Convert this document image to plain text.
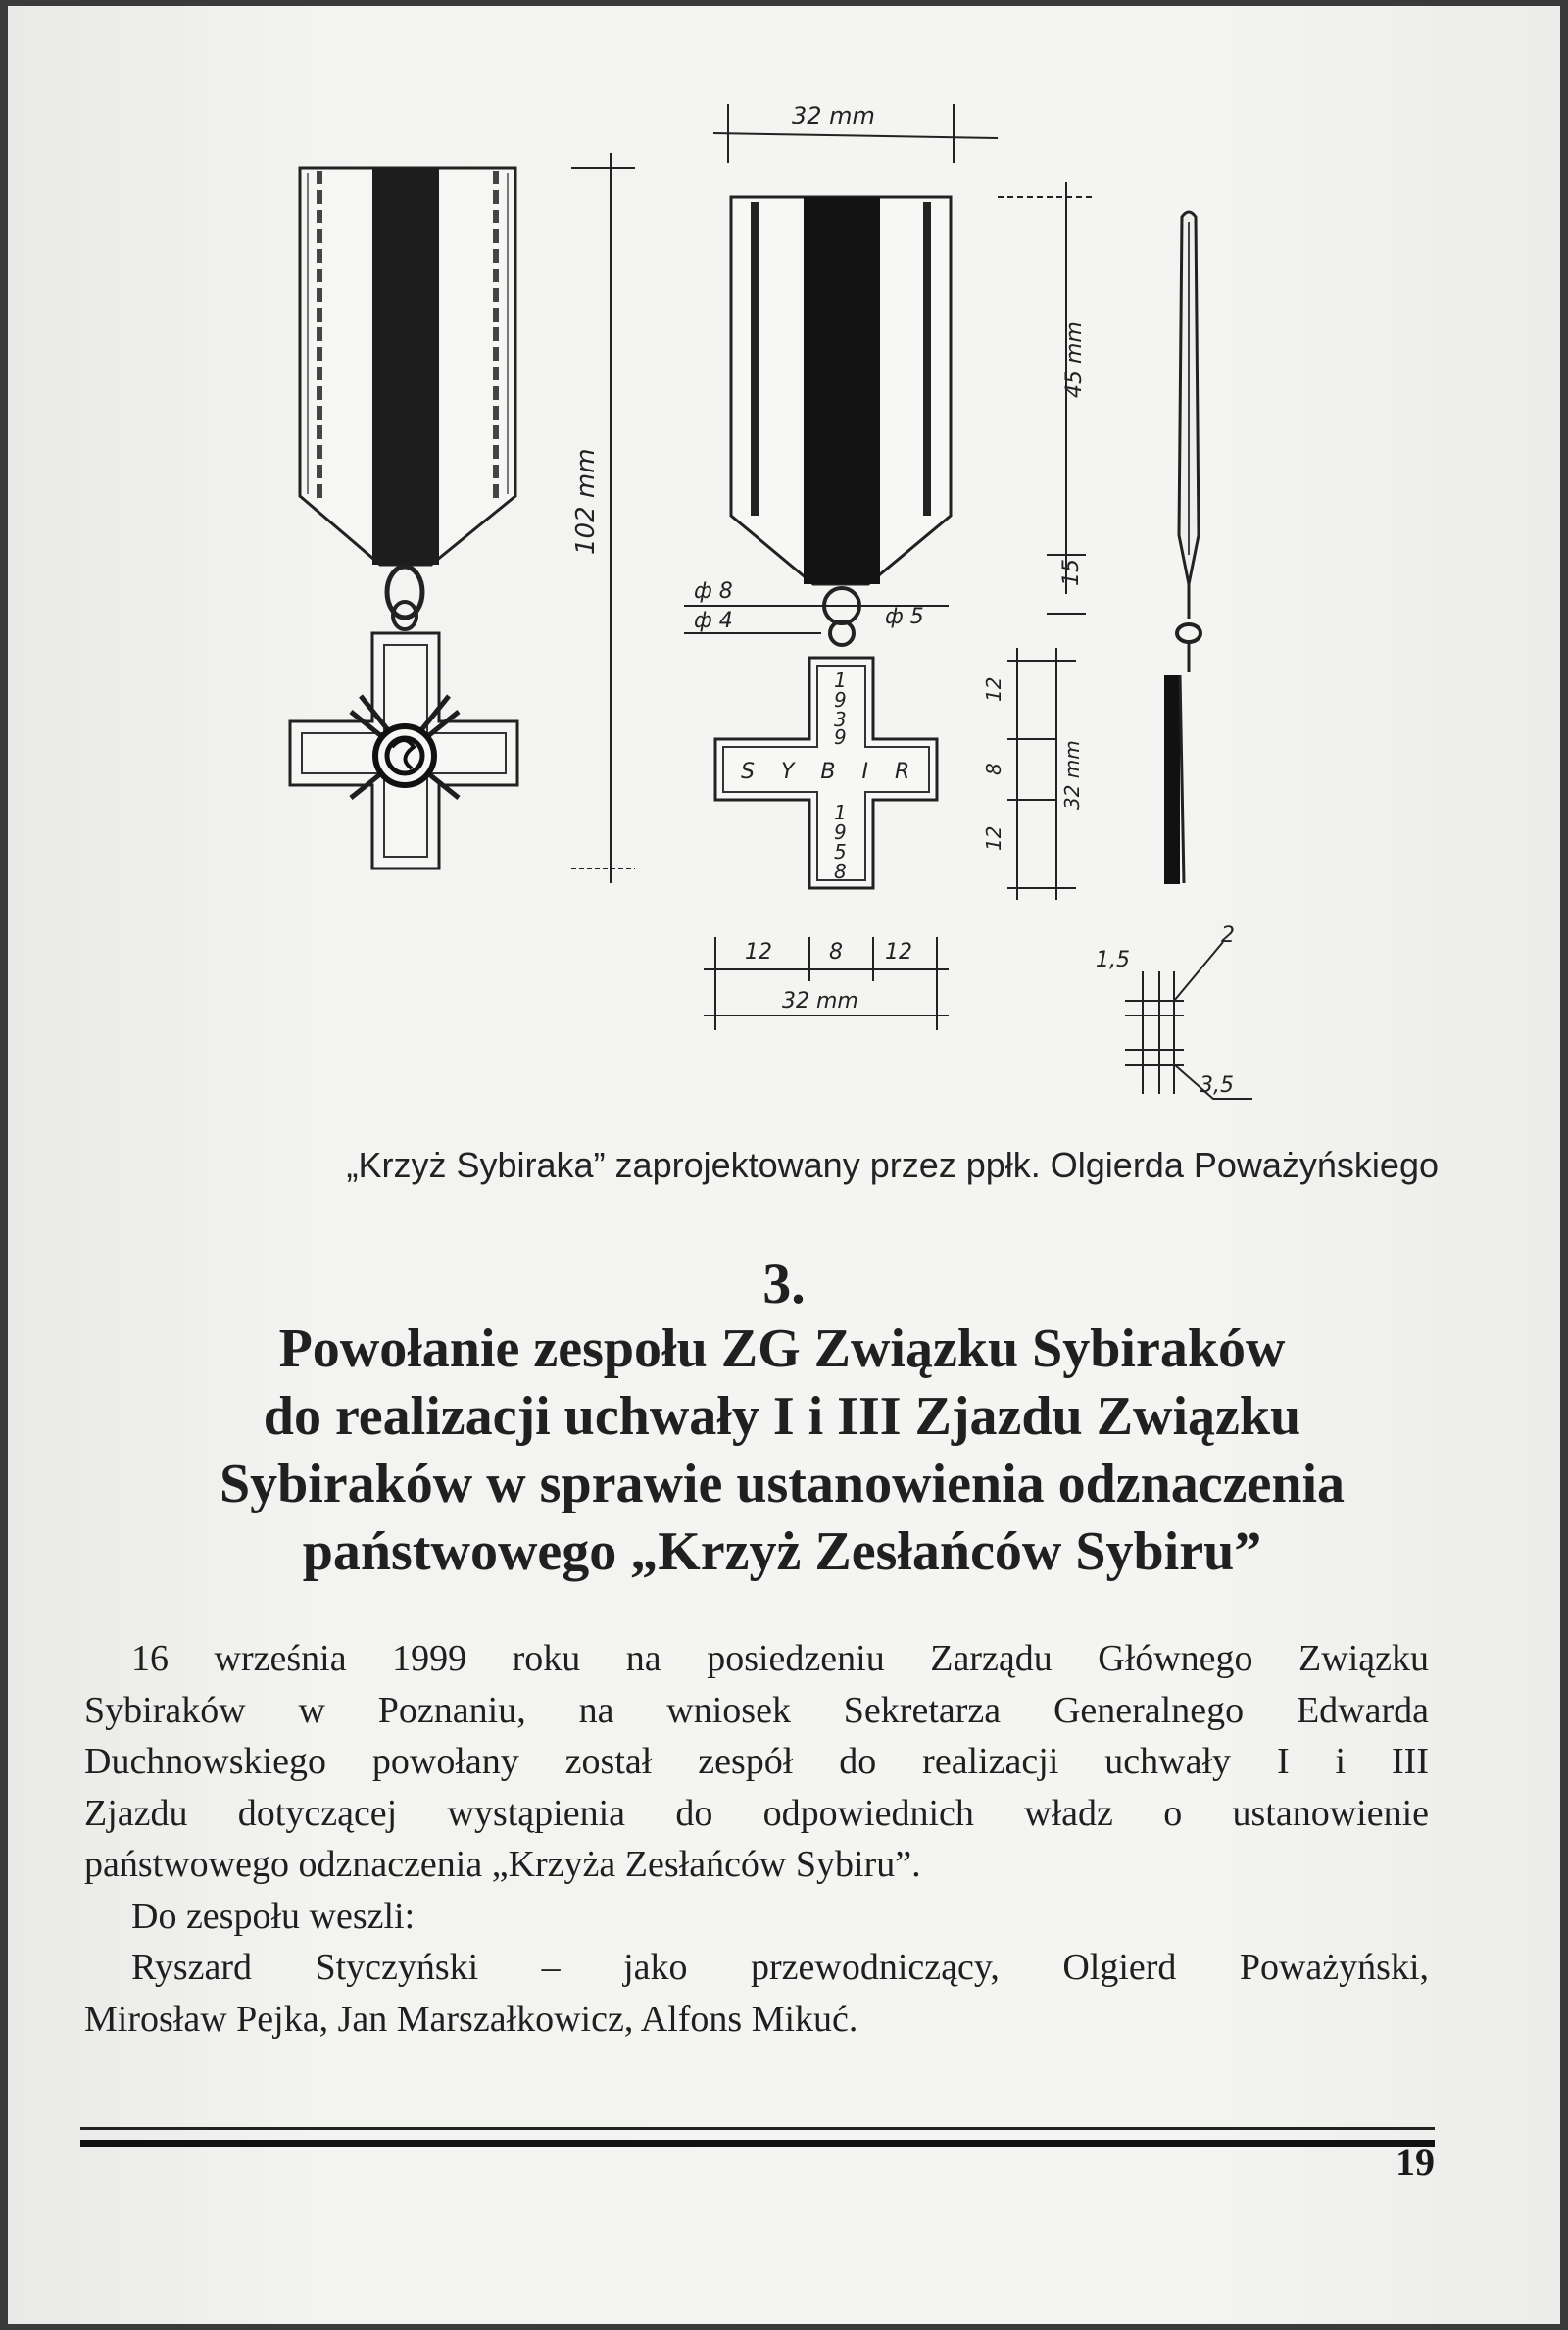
102 mm
32 mm
ф 8
ф 4	ф 5
S Y B I R
1
9
3
9
1
9
5
8
45 mm
15
12
8
12
32 mm
12	8 12
32 mm
1,5
2
3,5
„Krzyż Sybiraka” zaprojektowany przez ppłk. Olgierda Poważyńskiego
3.
Powołanie zespołu ZG Związku Sybiraków
do realizacji uchwały I i III Zjazdu Związku
Sybiraków w sprawie ustanowienia odznaczenia
państwowego „Krzyż Zesłańców Sybiru”

16 września 1999 roku na posiedzeniu Zarządu Głównego Związku
Sybiraków w Poznaniu, na wniosek Sekretarza Generalnego Edwarda
Duchnowskiego powołany został zespół do realizacji uchwały I i III
Zjazdu dotyczącej wystąpienia do odpowiednich władz o ustanowienie
państwowego odznaczenia „Krzyża Zesłańców Sybiru”.

Do zespołu weszli:

Ryszard Styczyński – jako przewodniczący, Olgierd Poważyński,
Mirosław Pejka, Jan Marszałkowicz, Alfons Mikuć.

19
